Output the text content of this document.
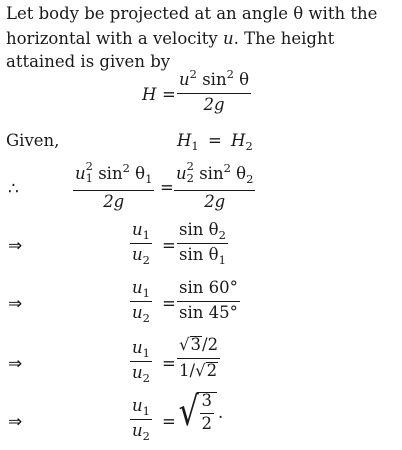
Let body be projected at an angle θ with the
horizontal with a velocity u. The height
attained is given by
H =
$u^2$ $\sin^2 \theta$
2g
Given,	$H_1 = H_2$
∴
u 2
1 $\sin^2 \theta_1$
2g
=
u 2
2 $\sin^2 \theta_2$
2g
⇒
$u_1$
$u_2$
=
$\sin \theta_2$
$\sin \theta_1$
⇒
$u_1$
$u_2$
=
sin 60°
sin 45°
⇒
$u_1$
$u_2$
=
√3/2
1/√2
⇒
$u_1$
$u_2$
= √
$\frac{3}{2}$ .
